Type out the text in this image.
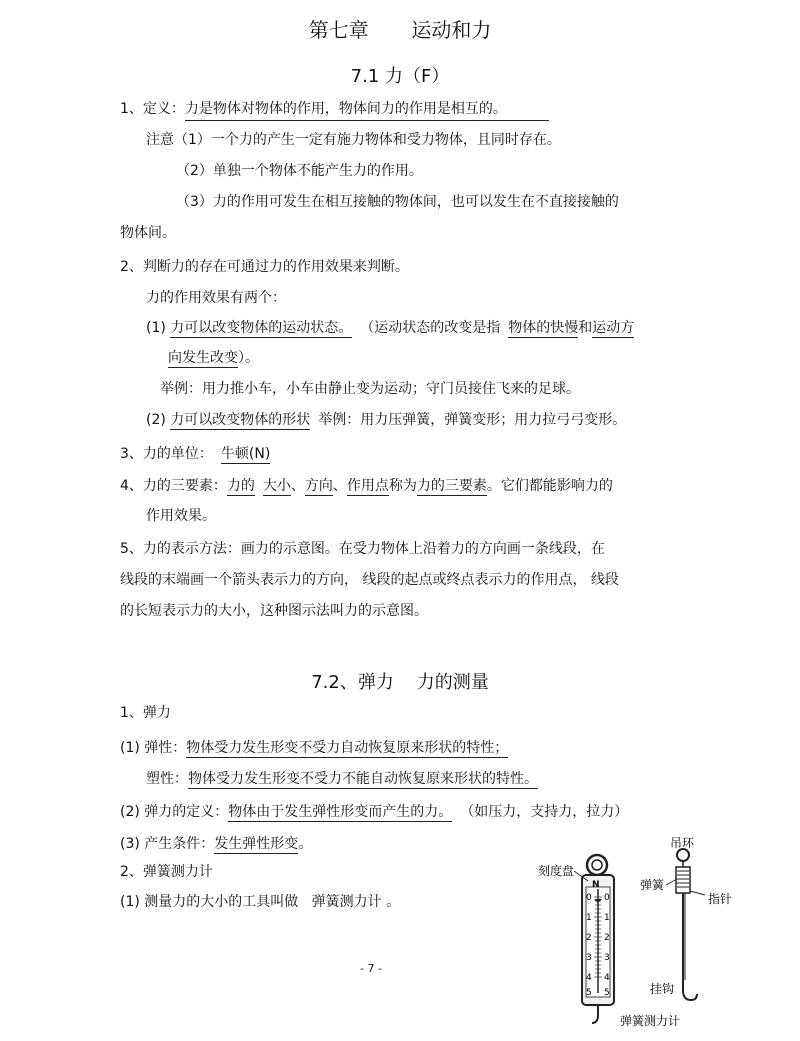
第七章 运动和力
7.1 力（F）
1、定义：力是物体对物体的作用，物体间力的作用是相互的。
注意（1）一个力的产生一定有施力物体和受力物体，且同时存在。
（2）单独一个物体不能产生力的作用。
（3）力的作用可发生在相互接触的物体间，也可以发生在不直接接触的
物体间。
2、判断力的存在可通过力的作用效果来判断。
力的作用效果有两个：
(1) 力可以改变物体的运动状态。 （运动状态的改变是指 物体的快慢和运动方
向发生改变）。
举例：用力推小车，小车由静止变为运动；守门员接住飞来的足球。
(2) 力可以改变物体的形状 举例：用力压弹簧，弹簧变形；用力拉弓弓变形。
3、力的单位： 牛顿(N)
4、力的三要素：力的 大小、方向、作用点称为力的三要素。它们都能影响力的
作用效果。
5、力的表示方法：画力的示意图。在受力物体上沿着力的方向画一条线段，在
线段的末端画一个箭头表示力的方向， 线段的起点或终点表示力的作用点， 线段
的长短表示力的大小，这种图示法叫力的示意图。
7.2、弹力    力的测量
1、弹力
(1) 弹性：物体受力发生形变不受力自动恢复原来形状的特性；
塑性：物体受力发生形变不受力不能自动恢复原来形状的特性。
(2) 弹力的定义：物体由于发生弹性形变而产生的力。 （如压力，支持力，拉力）
(3) 产生条件：发生弹性形变。
2、弹簧测力计
(1) 测量力的大小的工具叫做   弹簧测力计 。
- 7 -
N
0
1
2
3
4
5
0
1
2
3
4
5
刻度盘
吊环
弹簧
指针
挂钩
弹簧测力计
